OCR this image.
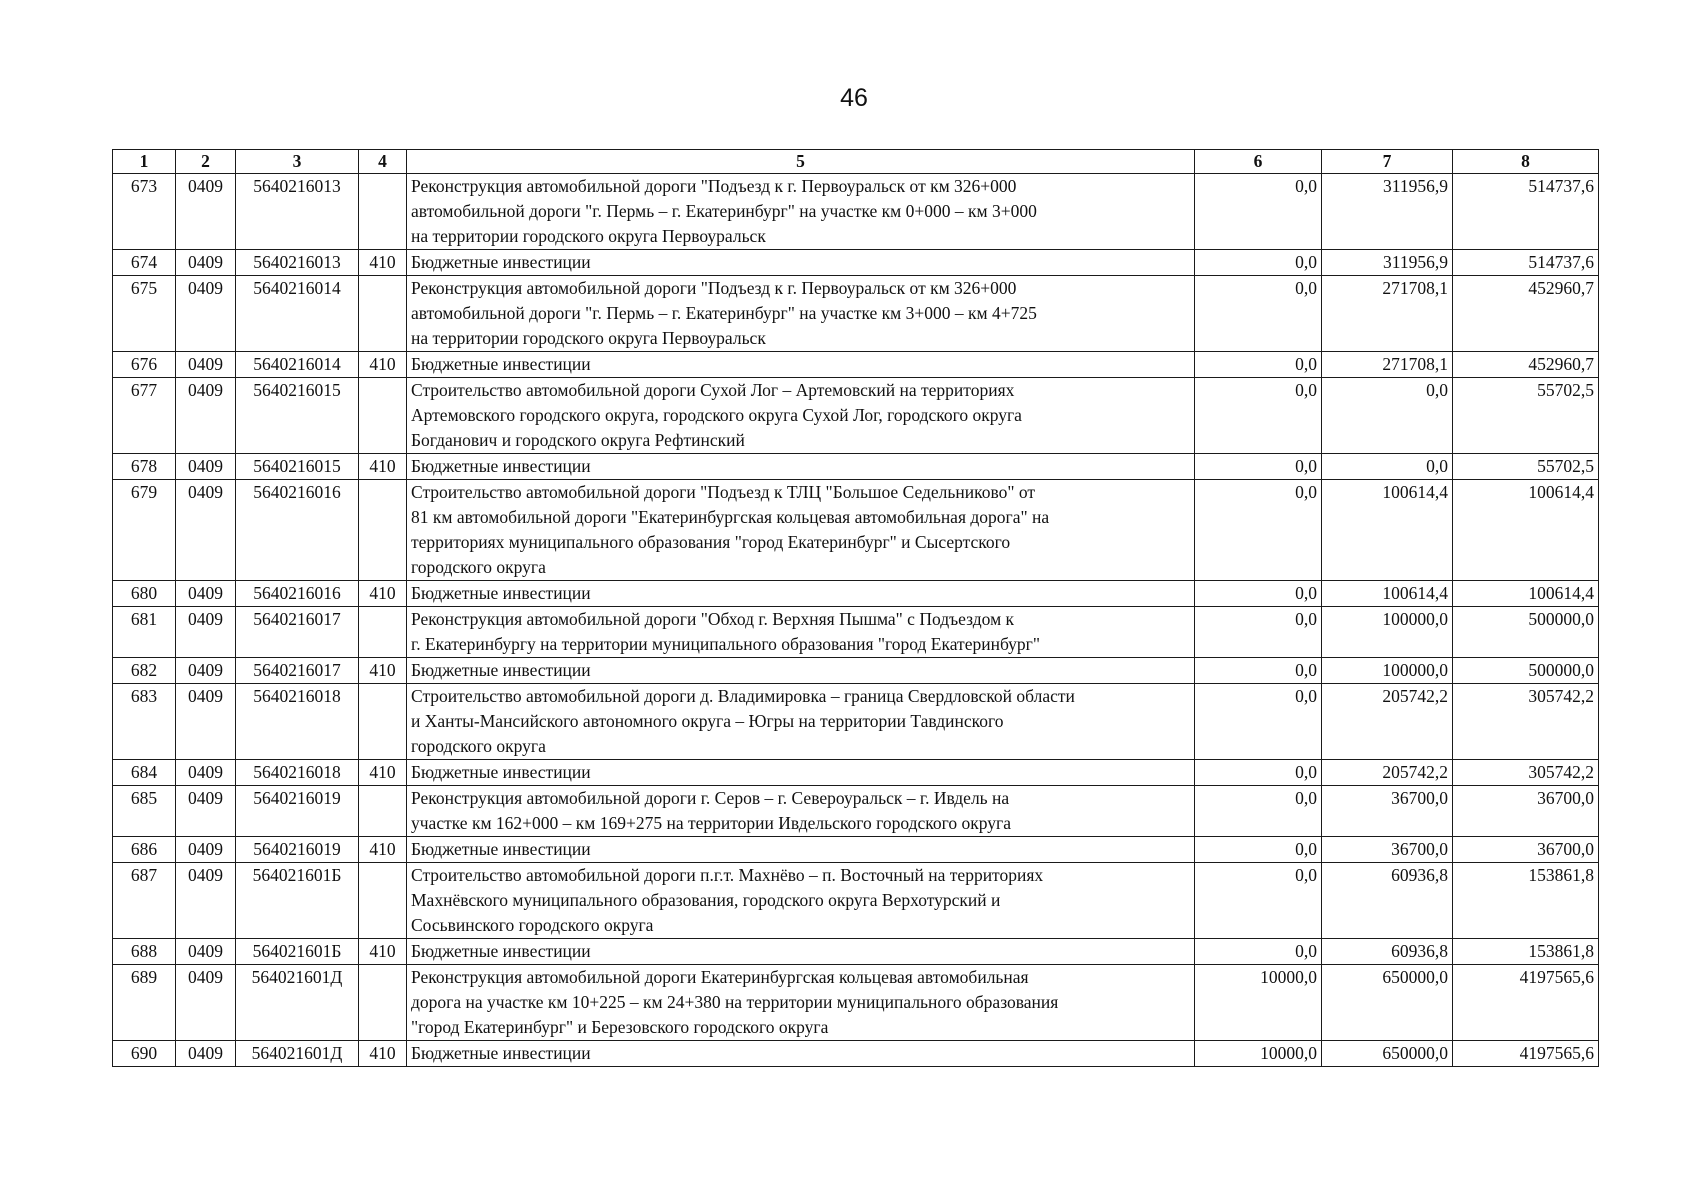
46
1	2	3	4	5	6	7	8
673	0409	5640216013		Реконструкция автомобильной дороги "Подъезд к г. Первоуральск от км 326+000
автомобильной дороги "г. Пермь – г. Екатеринбург" на участке км 0+000 – км 3+000
на территории городского округа Первоуральск	0,0	311956,9	514737,6
674	0409	5640216013	410	Бюджетные инвестиции	0,0	311956,9	514737,6
675	0409	5640216014		Реконструкция автомобильной дороги "Подъезд к г. Первоуральск от км 326+000
автомобильной дороги "г. Пермь – г. Екатеринбург" на участке км 3+000 – км 4+725
на территории городского округа Первоуральск	0,0	271708,1	452960,7
676	0409	5640216014	410	Бюджетные инвестиции	0,0	271708,1	452960,7
677	0409	5640216015		Строительство автомобильной дороги Сухой Лог – Артемовский на территориях
Артемовского городского округа, городского округа Сухой Лог, городского округа
Богданович и городского округа Рефтинский	0,0	0,0	55702,5
678	0409	5640216015	410	Бюджетные инвестиции	0,0	0,0	55702,5
679	0409	5640216016		Строительство автомобильной дороги "Подъезд к ТЛЦ "Большое Седельниково" от
81 км автомобильной дороги "Екатеринбургская кольцевая автомобильная дорога" на
территориях муниципального образования "город Екатеринбург" и Сысертского
городского округа	0,0	100614,4	100614,4
680	0409	5640216016	410	Бюджетные инвестиции	0,0	100614,4	100614,4
681	0409	5640216017		Реконструкция автомобильной дороги "Обход г. Верхняя Пышма" с Подъездом к
г. Екатеринбургу на территории муниципального образования "город Екатеринбург"	0,0	100000,0	500000,0
682	0409	5640216017	410	Бюджетные инвестиции	0,0	100000,0	500000,0
683	0409	5640216018		Строительство автомобильной дороги д. Владимировка – граница Свердловской области
и Ханты-Мансийского автономного округа – Югры на территории Тавдинского
городского округа	0,0	205742,2	305742,2
684	0409	5640216018	410	Бюджетные инвестиции	0,0	205742,2	305742,2
685	0409	5640216019		Реконструкция автомобильной дороги г. Серов – г. Североуральск – г. Ивдель на
участке км 162+000 – км 169+275 на территории Ивдельского городского округа	0,0	36700,0	36700,0
686	0409	5640216019	410	Бюджетные инвестиции	0,0	36700,0	36700,0
687	0409	564021601Б		Строительство автомобильной дороги п.г.т. Махнёво – п. Восточный на территориях
Махнёвского муниципального образования, городского округа Верхотурский и
Сосьвинского городского округа	0,0	60936,8	153861,8
688	0409	564021601Б	410	Бюджетные инвестиции	0,0	60936,8	153861,8
689	0409	564021601Д		Реконструкция автомобильной дороги Екатеринбургская кольцевая автомобильная
дорога на участке км 10+225 – км 24+380 на территории муниципального образования
"город Екатеринбург" и Березовского городского округа	10000,0	650000,0	4197565,6
690	0409	564021601Д	410	Бюджетные инвестиции	10000,0	650000,0	4197565,6
